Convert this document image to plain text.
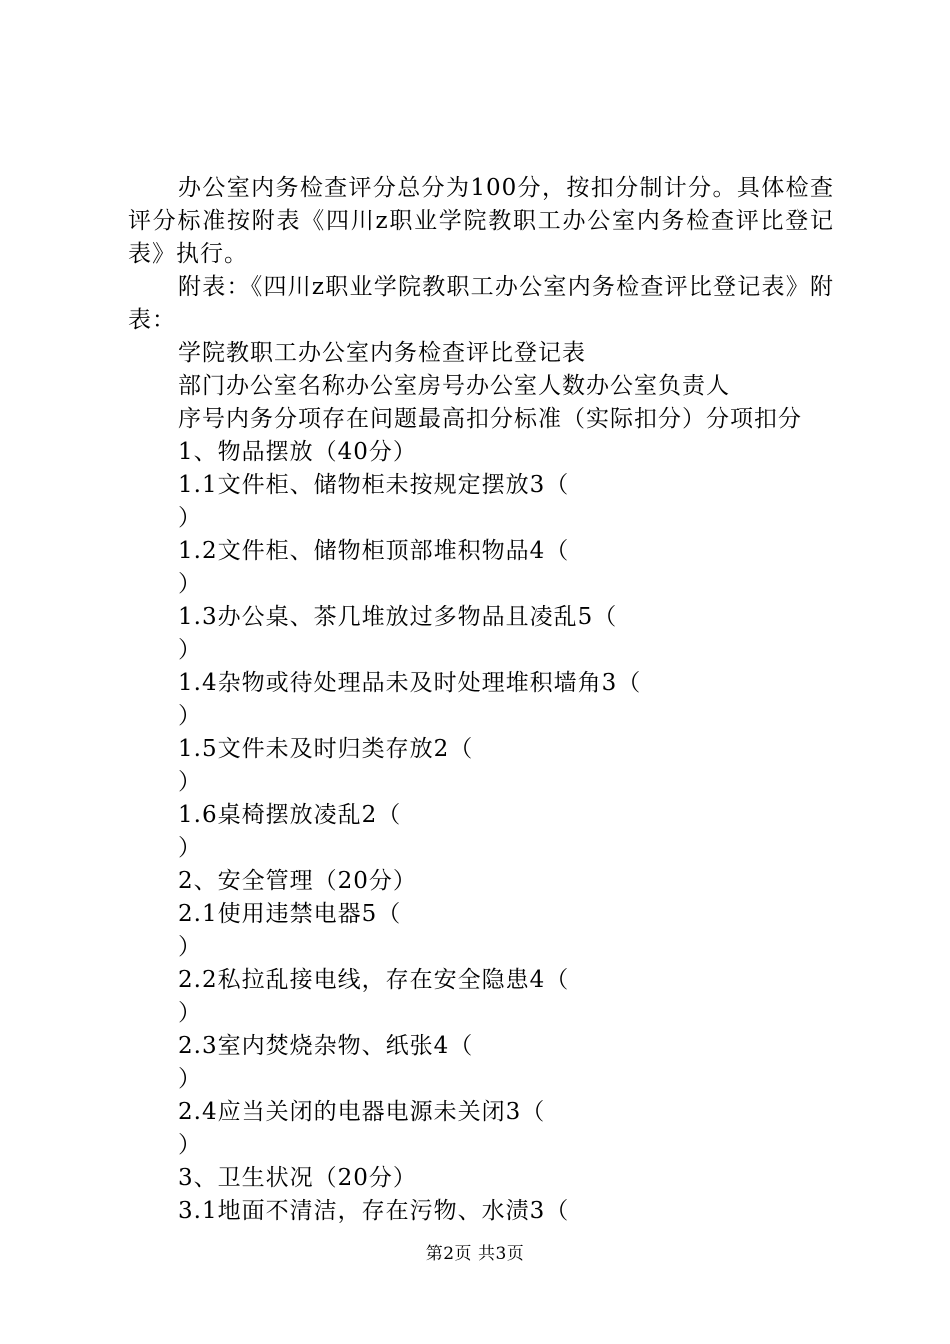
办公室内务检查评分总分为100分，按扣分制计分。具体检查评分标准按附表《四川z职业学院教职工办公室内务检查评比登记表》执行。

附表：《四川z职业学院教职工办公室内务检查评比登记表》附表：

学院教职工办公室内务检查评比登记表

部门办公室名称办公室房号办公室人数办公室负责人

序号内务分项存在问题最高扣分标准（实际扣分）分项扣分

1、物品摆放（40分）

1.1文件柜、储物柜未按规定摆放3（

）

1.2文件柜、储物柜顶部堆积物品4（

）

1.3办公桌、茶几堆放过多物品且凌乱5（

）

1.4杂物或待处理品未及时处理堆积墙角3（

）

1.5文件未及时归类存放2（

）

1.6桌椅摆放凌乱2（

）

2、安全管理（20分）

2.1使用违禁电器5（

）

2.2私拉乱接电线，存在安全隐患4（

）

2.3室内焚烧杂物、纸张4（

）

2.4应当关闭的电器电源未关闭3（

）

3、卫生状况（20分）

3.1地面不清洁，存在污物、水渍3（

第2页 共3页
